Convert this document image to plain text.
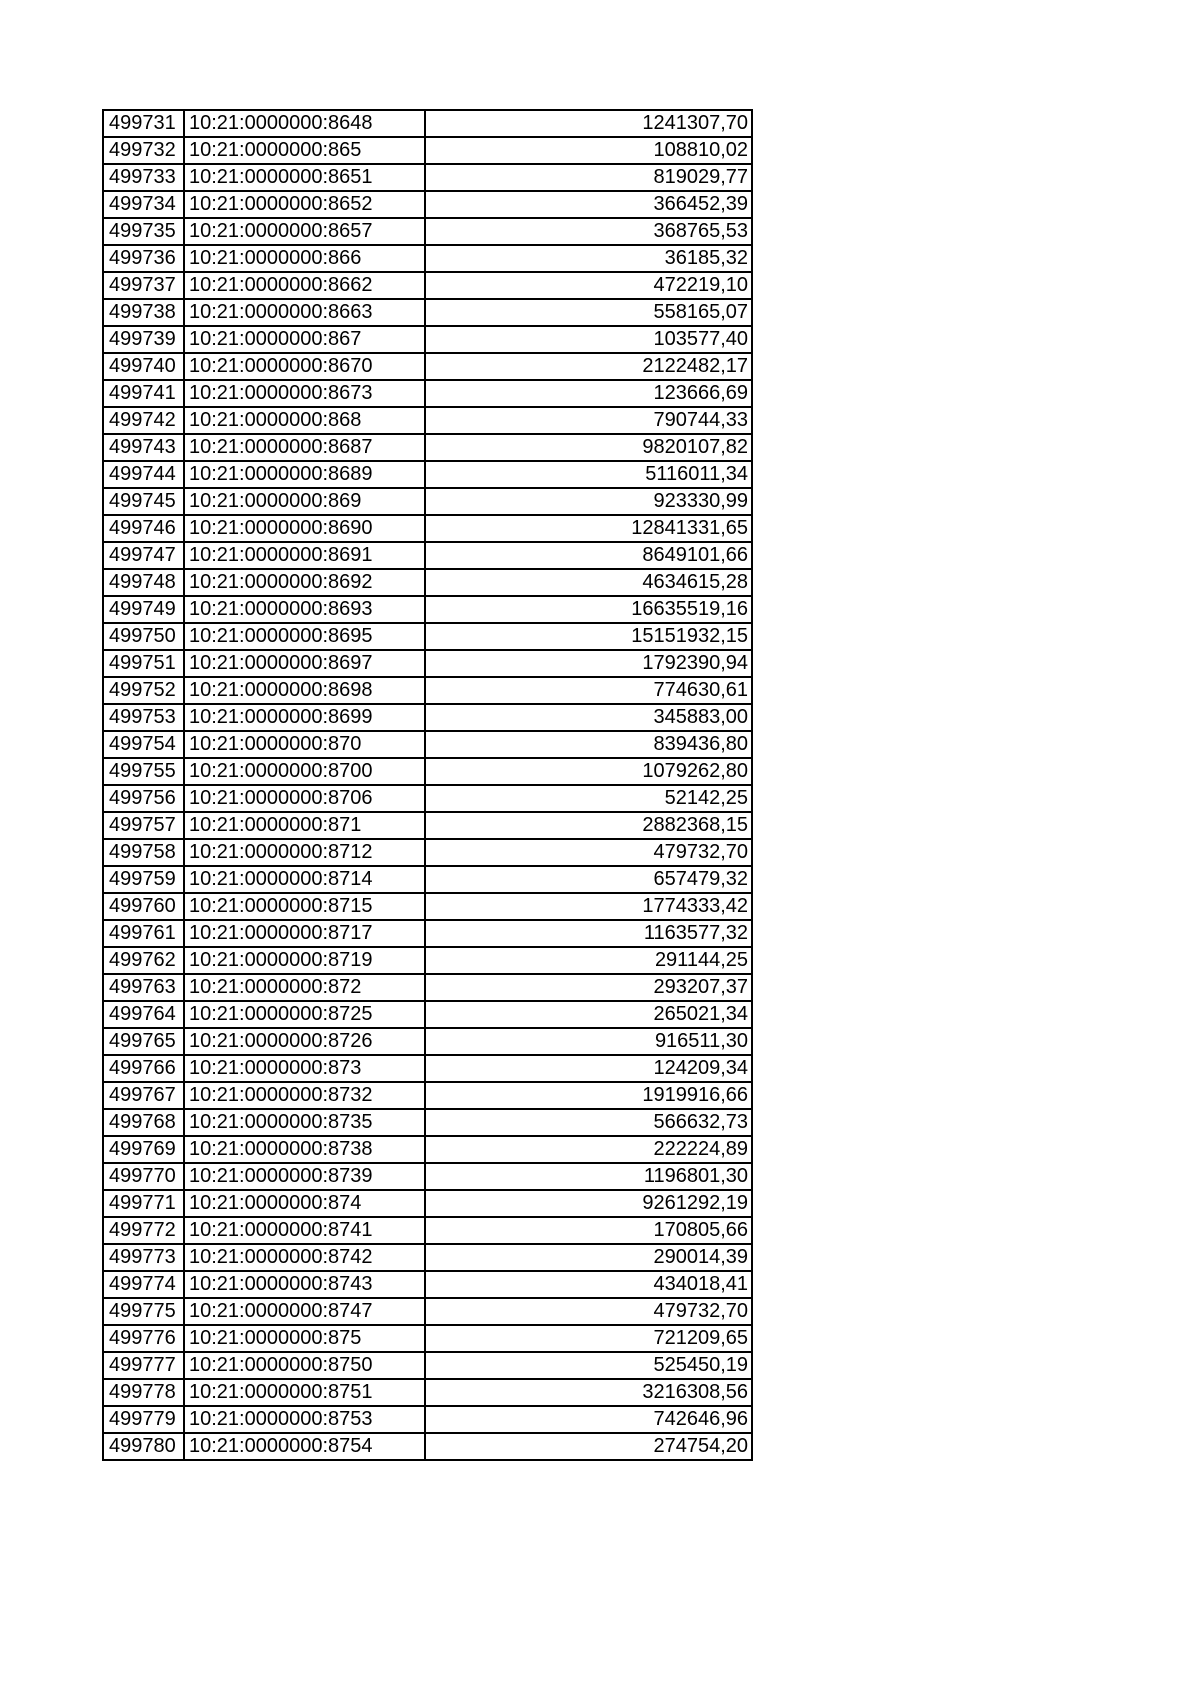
499731	10:21:0000000:8648	1241307,70
499732	10:21:0000000:865	108810,02
499733	10:21:0000000:8651	819029,77
499734	10:21:0000000:8652	366452,39
499735	10:21:0000000:8657	368765,53
499736	10:21:0000000:866	36185,32
499737	10:21:0000000:8662	472219,10
499738	10:21:0000000:8663	558165,07
499739	10:21:0000000:867	103577,40
499740	10:21:0000000:8670	2122482,17
499741	10:21:0000000:8673	123666,69
499742	10:21:0000000:868	790744,33
499743	10:21:0000000:8687	9820107,82
499744	10:21:0000000:8689	5116011,34
499745	10:21:0000000:869	923330,99
499746	10:21:0000000:8690	12841331,65
499747	10:21:0000000:8691	8649101,66
499748	10:21:0000000:8692	4634615,28
499749	10:21:0000000:8693	16635519,16
499750	10:21:0000000:8695	15151932,15
499751	10:21:0000000:8697	1792390,94
499752	10:21:0000000:8698	774630,61
499753	10:21:0000000:8699	345883,00
499754	10:21:0000000:870	839436,80
499755	10:21:0000000:8700	1079262,80
499756	10:21:0000000:8706	52142,25
499757	10:21:0000000:871	2882368,15
499758	10:21:0000000:8712	479732,70
499759	10:21:0000000:8714	657479,32
499760	10:21:0000000:8715	1774333,42
499761	10:21:0000000:8717	1163577,32
499762	10:21:0000000:8719	291144,25
499763	10:21:0000000:872	293207,37
499764	10:21:0000000:8725	265021,34
499765	10:21:0000000:8726	916511,30
499766	10:21:0000000:873	124209,34
499767	10:21:0000000:8732	1919916,66
499768	10:21:0000000:8735	566632,73
499769	10:21:0000000:8738	222224,89
499770	10:21:0000000:8739	1196801,30
499771	10:21:0000000:874	9261292,19
499772	10:21:0000000:8741	170805,66
499773	10:21:0000000:8742	290014,39
499774	10:21:0000000:8743	434018,41
499775	10:21:0000000:8747	479732,70
499776	10:21:0000000:875	721209,65
499777	10:21:0000000:8750	525450,19
499778	10:21:0000000:8751	3216308,56
499779	10:21:0000000:8753	742646,96
499780	10:21:0000000:8754	274754,20
